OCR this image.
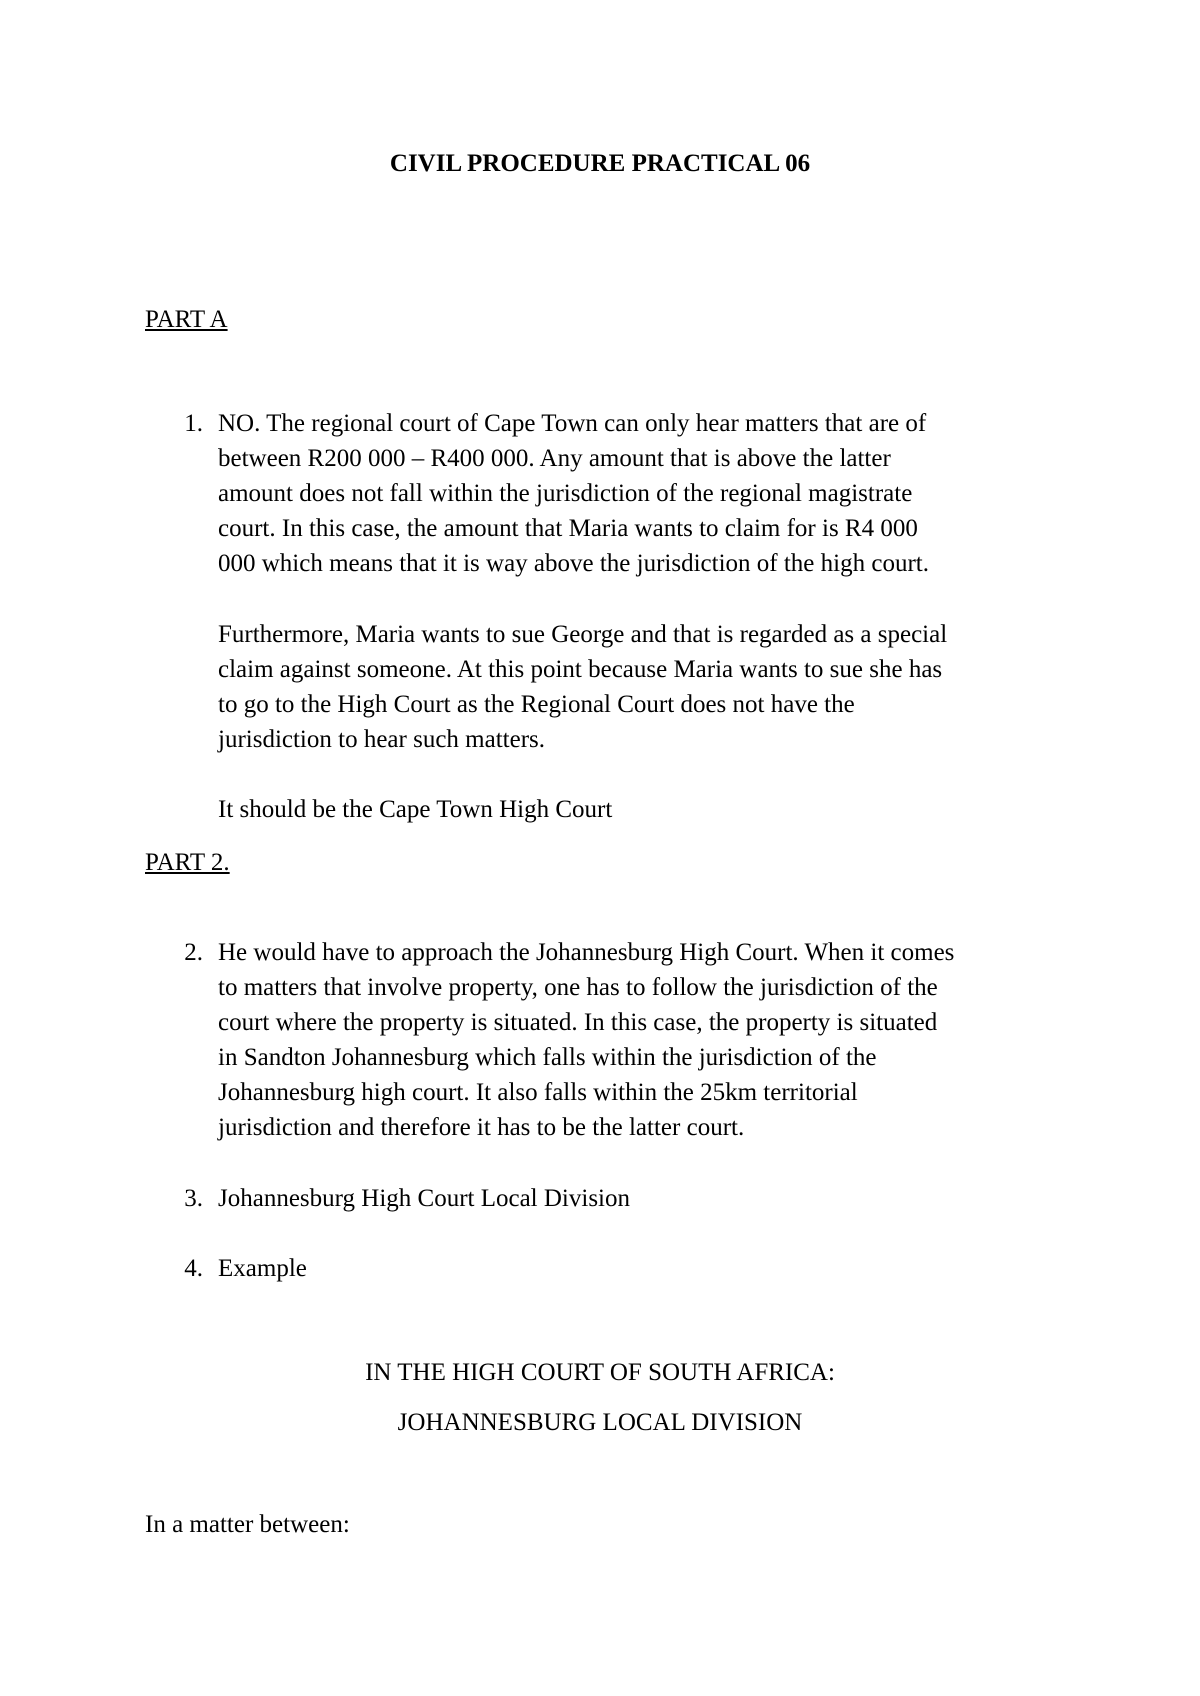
CIVIL PROCEDURE PRACTICAL 06

PART A

1. NO. The regional court of Cape Town can only hear matters that are of
between R200 000 – R400 000. Any amount that is above the latter
amount does not fall within the jurisdiction of the regional magistrate
court. In this case, the amount that Maria wants to claim for is R4 000
000 which means that it is way above the jurisdiction of the high court.
Furthermore, Maria wants to sue George and that is regarded as a special
claim against someone. At this point because Maria wants to sue she has
to go to the High Court as the Regional Court does not have the
jurisdiction to hear such matters.

It should be the Cape Town High Court

PART 2.

2. He would have to approach the Johannesburg High Court. When it comes
to matters that involve property, one has to follow the jurisdiction of the
court where the property is situated. In this case, the property is situated
in Sandton Johannesburg which falls within the jurisdiction of the
Johannesburg high court. It also falls within the 25km territorial
jurisdiction and therefore it has to be the latter court.
3. Johannesburg High Court Local Division
4. Example

IN THE HIGH COURT OF SOUTH AFRICA:

JOHANNESBURG LOCAL DIVISION

In a matter between:
